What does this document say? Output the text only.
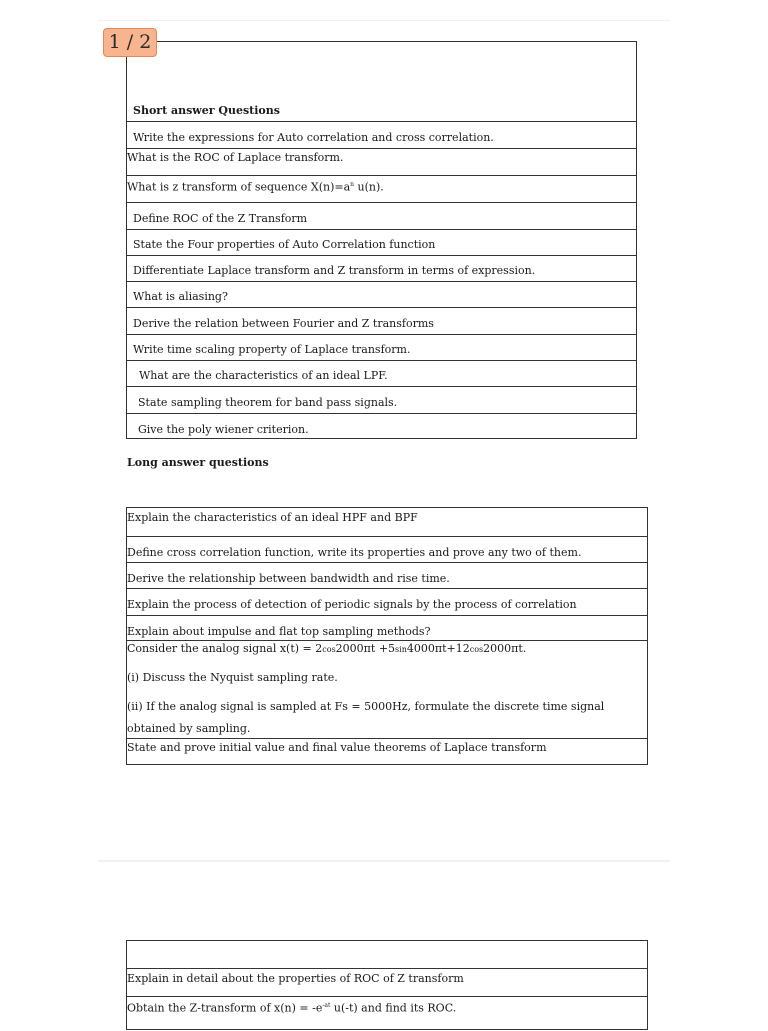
1 / 2
Short answer Questions
Write the expressions for Auto correlation and cross correlation.
What is the ROC of Laplace transform.
What is z transform of sequence $X(n)=a^n$ u(n).
Define ROC of the Z Transform
State the Four properties of Auto Correlation function
Differentiate Laplace transform and Z transform in terms of expression.
What is aliasing?
Derive the relation between Fourier and Z transforms
Write time scaling property of Laplace transform.
What are the characteristics of an ideal LPF.
State sampling theorem for band pass signals.
Give the poly wiener criterion.
Long answer questions
Explain the characteristics of an ideal HPF and BPF
Define cross correlation function, write its properties and prove any two of them.
Derive the relationship between bandwidth and rise time.
Explain the process of detection of periodic signals by the process of correlation
Explain about impulse and flat top sampling methods?
Consider the analog signal x(t) = 2cos2000πt +5sin4000πt+12cos2000πt.
(i) Discuss the Nyquist sampling rate.
(ii) If the analog signal is sampled at Fs = 5000Hz, formulate the discrete time signal
obtained by sampling.
State and prove initial value and final value theorems of Laplace transform
Explain in detail about the properties of ROC of Z transform
Obtain the Z-transform of $x(n) = -e^{-at}$ u(-t) and find its ROC.
